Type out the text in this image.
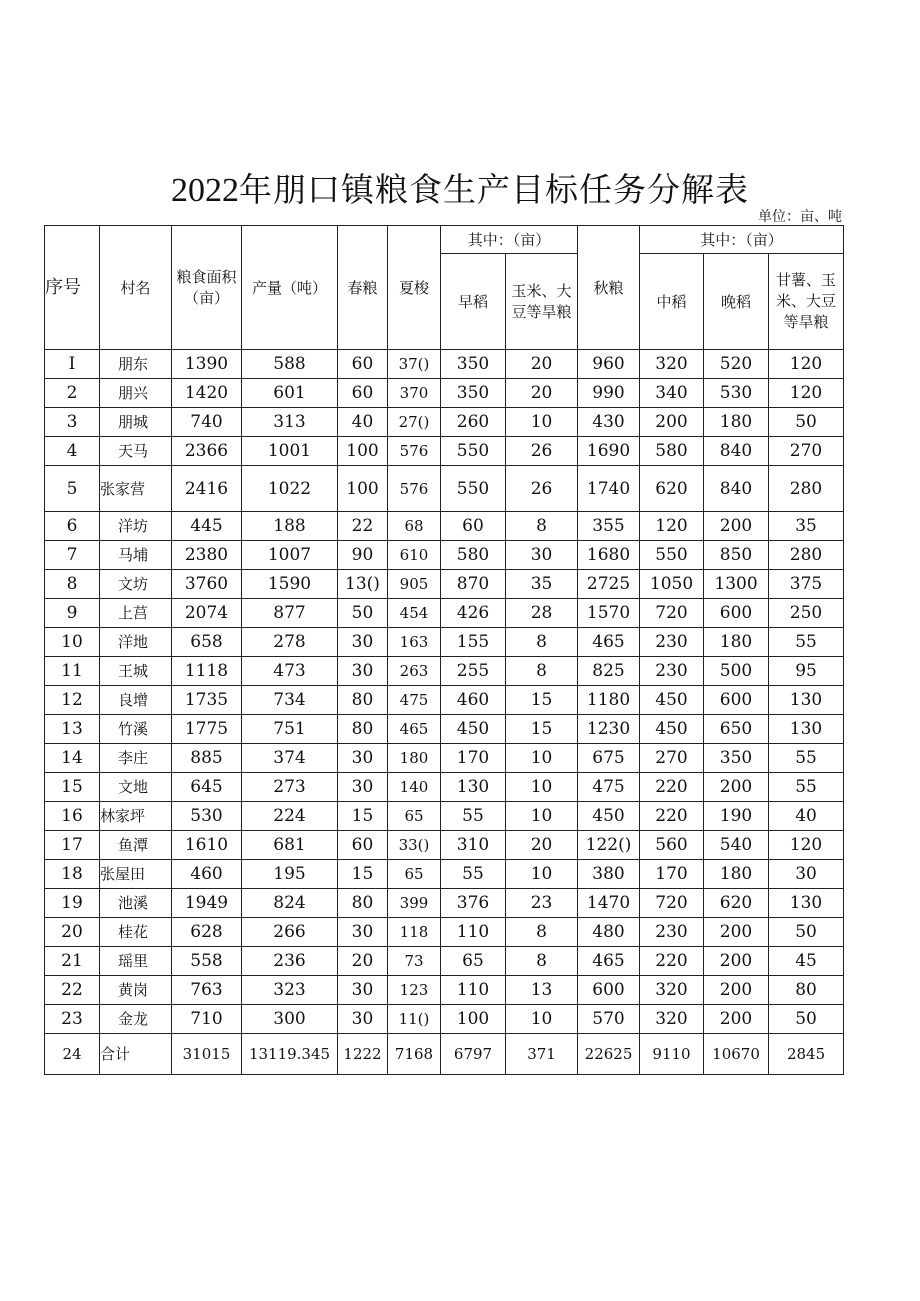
2022年朋口镇粮食生产目标任务分解表
单位：亩、吨
序号	村名	粮食面积（亩）	产量（吨）	春粮	夏梭	其中：（亩）		秋粮	其中：（亩）		
						早稻	玉米、大豆等旱粮		中稻	晚稻	甘薯、玉米、大豆等旱粮
I	朋东	1390	588	60	37()	350	20	960	320	520	120
2	朋兴	1420	601	60	370	350	20	990	340	530	120
3	朋城	740	313	40	27()	260	10	430	200	180	50
4	天马	2366	1001	100	576	550	26	1690	580	840	270
5	张家营	2416	1022	100	576	550	26	1740	620	840	280
6	洋坊	445	188	22	68	60	8	355	120	200	35
7	马埔	2380	1007	90	610	580	30	1680	550	850	280
8	文坊	3760	1590	13()	905	870	35	2725	1050	1300	375
9	上莒	2074	877	50	454	426	28	1570	720	600	250
10	洋地	658	278	30	163	155	8	465	230	180	55
11	王城	1118	473	30	263	255	8	825	230	500	95
12	良增	1735	734	80	475	460	15	1180	450	600	130
13	竹溪	1775	751	80	465	450	15	1230	450	650	130
14	李庄	885	374	30	180	170	10	675	270	350	55
15	文地	645	273	30	140	130	10	475	220	200	55
16	林家坪	530	224	15	65	55	10	450	220	190	40
17	鱼潭	1610	681	60	33()	310	20	122()	560	540	120
18	张屋田	460	195	15	65	55	10	380	170	180	30
19	池溪	1949	824	80	399	376	23	1470	720	620	130
20	桂花	628	266	30	118	110	8	480	230	200	50
21	瑶里	558	236	20	73	65	8	465	220	200	45
22	黄岗	763	323	30	123	110	13	600	320	200	80
23	金龙	710	300	30	11()	100	10	570	320	200	50
24	合计	31015	13119.345	1222	7168	6797	371	22625	9110	10670	2845
